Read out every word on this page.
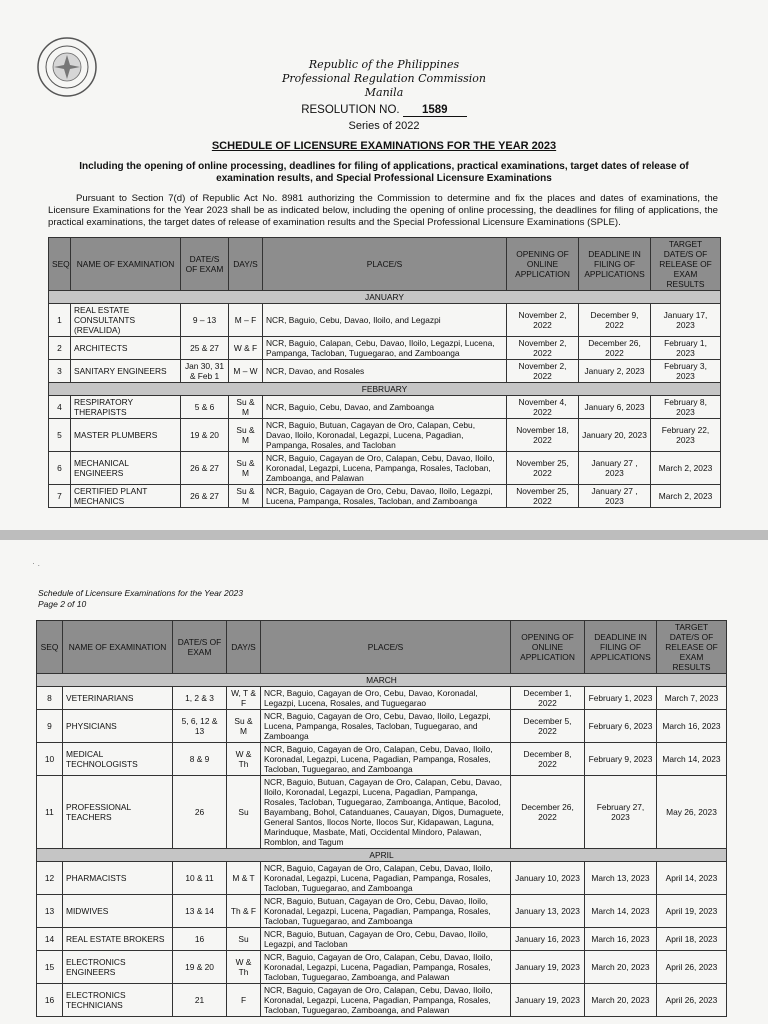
Republic of the Philippines
Professional Regulation Commission
Manila
RESOLUTION NO. 1589
Series of 2022
SCHEDULE OF LICENSURE EXAMINATIONS FOR THE YEAR 2023
Including the opening of online processing, deadlines for filing of applications, practical examinations, target dates of release of examination results, and Special Professional Licensure Examinations
Pursuant to Section 7(d) of Republic Act No. 8981 authorizing the Commission to determine and fix the places and dates of examinations, the Licensure Examinations for the Year 2023 shall be as indicated below, including the opening of online processing, the deadlines for filing of applications, the practical examinations, the target dates of release of examination results and the Special Professional Licensure Examinations (SPLE).
SEQ	NAME OF EXAMINATION	DATE/S OF EXAM	DAY/S	PLACE/S	OPENING OF ONLINE APPLICATION	DEADLINE IN FILING OF APPLICATIONS	TARGET DATE/S OF RELEASE OF EXAM RESULTS
JANUARY							
1	REAL ESTATE CONSULTANTS (REVALIDA)	9 – 13	M – F	NCR, Baguio, Cebu, Davao, Iloilo, and Legazpi	November 2, 2022	December 9, 2022	January 17, 2023
2	ARCHITECTS	25 & 27	W & F	NCR, Baguio, Calapan, Cebu, Davao, Iloilo, Legazpi, Lucena, Pampanga, Tacloban, Tuguegarao, and Zamboanga	November 2, 2022	December 26, 2022	February 1, 2023
3	SANITARY ENGINEERS	Jan 30, 31 & Feb 1	M – W	NCR, Davao, and Rosales	November 2, 2022	January 2, 2023	February 3, 2023
FEBRUARY							
4	RESPIRATORY THERAPISTS	5 & 6	Su & M	NCR, Baguio, Cebu, Davao, and Zamboanga	November 4, 2022	January 6, 2023	February 8, 2023
5	MASTER PLUMBERS	19 & 20	Su & M	NCR, Baguio, Butuan, Cagayan de Oro, Calapan, Cebu, Davao, Iloilo, Koronadal, Legazpi, Lucena, Pagadian, Pampanga, Rosales, and Tacloban	November 18, 2022	January 20, 2023	February 22, 2023
6	MECHANICAL ENGINEERS	26 & 27	Su & M	NCR, Baguio, Cagayan de Oro, Calapan, Cebu, Davao, Iloilo, Koronadal, Legazpi, Lucena, Pampanga, Rosales, Tacloban, Zamboanga, and Palawan	November 25, 2022	January 27 , 2023	March 2, 2023
7	CERTIFIED PLANT MECHANICS	26 & 27	Su & M	NCR, Baguio, Cagayan de Oro, Cebu, Davao, Iloilo, Legazpi, Lucena, Pampanga, Rosales, Tacloban, and Zamboanga	November 25, 2022	January 27 , 2023	March 2, 2023
· .
Schedule of Licensure Examinations for the Year 2023
Page 2 of 10
SEQ	NAME OF EXAMINATION	DATE/S OF EXAM	DAY/S	PLACE/S	OPENING OF ONLINE APPLICATION	DEADLINE IN FILING OF APPLICATIONS	TARGET DATE/S OF RELEASE OF EXAM RESULTS
MARCH							
8	VETERINARIANS	1, 2 & 3	W, T & F	NCR, Baguio, Cagayan de Oro, Cebu, Davao, Koronadal, Legazpi, Lucena, Rosales, and Tuguegarao	December 1, 2022	February 1, 2023	March 7, 2023
9	PHYSICIANS	5, 6, 12 & 13	Su & M	NCR, Baguio, Cagayan de Oro, Cebu, Davao, Iloilo, Legazpi, Lucena, Pampanga, Rosales, Tacloban, Tuguegarao, and Zamboanga	December 5, 2022	February 6, 2023	March 16, 2023
10	MEDICAL TECHNOLOGISTS	8 & 9	W & Th	NCR, Baguio, Cagayan de Oro, Calapan, Cebu, Davao, Iloilo, Koronadal, Legazpi, Lucena, Pagadian, Pampanga, Rosales, Tacloban, Tuguegarao, and Zamboanga	December 8, 2022	February 9, 2023	March 14, 2023
11	PROFESSIONAL TEACHERS	26	Su	NCR, Baguio, Butuan, Cagayan de Oro, Calapan, Cebu, Davao, Iloilo, Koronadal, Legazpi, Lucena, Pagadian, Pampanga, Rosales, Tacloban, Tuguegarao, Zamboanga, Antique, Bacolod, Bayambang, Bohol, Catanduanes, Cauayan, Digos, Dumaguete, General Santos, Ilocos Norte, Ilocos Sur, Kidapawan, Laguna, Marinduque, Masbate, Mati, Occidental Mindoro, Palawan, Romblon, and Tagum	December 26, 2022	February 27, 2023	May 26, 2023
APRIL							
12	PHARMACISTS	10 & 11	M & T	NCR, Baguio, Cagayan de Oro, Calapan, Cebu, Davao, Iloilo, Koronadal, Legazpi, Lucena, Pagadian, Pampanga, Rosales, Tacloban, Tuguegarao, and Zamboanga	January 10, 2023	March 13, 2023	April 14, 2023
13	MIDWIVES	13 & 14	Th & F	NCR, Baguio, Butuan, Cagayan de Oro, Cebu, Davao, Iloilo, Koronadal, Legazpi, Lucena, Pagadian, Pampanga, Rosales, Tacloban, Tuguegarao, and Zamboanga	January 13, 2023	March 14, 2023	April 19, 2023
14	REAL ESTATE BROKERS	16	Su	NCR, Baguio, Butuan, Cagayan de Oro, Cebu, Davao, Iloilo, Legazpi, and Tacloban	January 16, 2023	March 16, 2023	April 18, 2023
15	ELECTRONICS ENGINEERS	19 & 20	W & Th	NCR, Baguio, Cagayan de Oro, Calapan, Cebu, Davao, Iloilo, Koronadal, Legazpi, Lucena, Pagadian, Pampanga, Rosales, Tacloban, Tuguegarao, Zamboanga, and Palawan	January 19, 2023	March 20, 2023	April 26, 2023
16	ELECTRONICS TECHNICIANS	21	F	NCR, Baguio, Cagayan de Oro, Calapan, Cebu, Davao, Iloilo, Koronadal, Legazpi, Lucena, Pagadian, Pampanga, Rosales, Tacloban, Tuguegarao, Zamboanga, and Palawan	January 19, 2023	March 20, 2023	April 26, 2023
